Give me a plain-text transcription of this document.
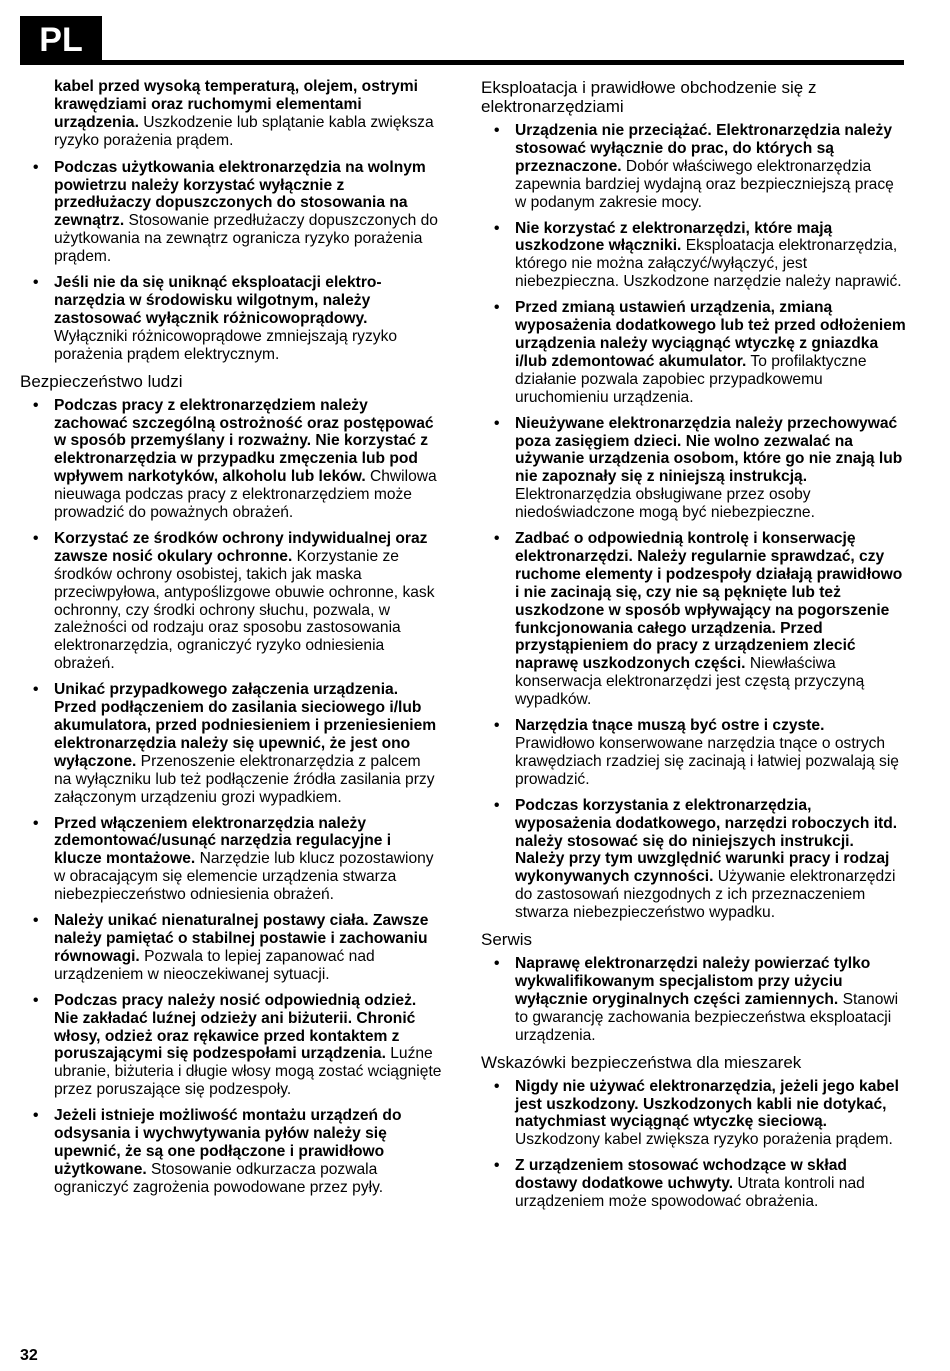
PL

kabel przed wysoką temperaturą, olejem, ostrymi krawędziami oraz ruchomymi elementami urządzenia. Uszkodzenie lub splątanie kabla zwiększa ryzyko porażenia prądem.

• Podczas użytkowania elektronarzędzia na wolnym powietrzu należy korzystać wyłącznie z przedłużaczy dopuszczonych do stosowania na zewnątrz. Stosowanie przedłużaczy dopuszczonych do użytkowania na zewnątrz ogranicza ryzyko porażenia prądem.
• Jeśli nie da się uniknąć eksploatacji elektronarzędzia w środowisku wilgotnym, należy zastosować wyłącznik różnicowoprądowy. Wyłączniki różnicowoprądowe zmniejszają ryzyko porażenia prądem elektrycznym.
Bezpieczeństwo ludzi
• Podczas pracy z elektronarzędziem należy zachować szczególną ostrożność oraz postępować w sposób przemyślany i rozważny. Nie korzystać z elektronarzędzia w przypadku zmęczenia lub pod wpływem narkotyków, alkoholu lub leków. Chwilowa nieuwaga podczas pracy z elektronarzędziem może prowadzić do poważnych obrażeń.
• Korzystać ze środków ochrony indywidualnej oraz zawsze nosić okulary ochronne. Korzystanie ze środków ochrony osobistej, takich jak maska przeciwpyłowa, antypoślizgowe obuwie ochronne, kask ochronny, czy środki ochrony słuchu, pozwala, w zależności od rodzaju oraz sposobu zastosowania elektronarzędzia, ograniczyć ryzyko odniesienia obrażeń.
• Unikać przypadkowego załączenia urządzenia. Przed podłączeniem do zasilania sieciowego i/lub akumulatora, przed podniesieniem i przeniesieniem elektronarzędzia należy się upewnić, że jest ono wyłączone. Przenoszenie elektronarzędzia z palcem na wyłączniku lub też podłączenie źródła zasilania przy załączonym urządzeniu grozi wypadkiem.
• Przed włączeniem elektronarzędzia należy zdemontować/usunąć narzędzia regulacyjne i klucze montażowe. Narzędzie lub klucz pozostawiony w obracającym się elemencie urządzenia stwarza niebezpieczeństwo odniesienia obrażeń.
• Należy unikać nienaturalnej postawy ciała. Zawsze należy pamiętać o stabilnej postawie i zachowaniu równowagi. Pozwala to lepiej zapanować nad urządzeniem w nieoczekiwanej sytuacji.
• Podczas pracy należy nosić odpowiednią odzież. Nie zakładać luźnej odzieży ani biżuterii. Chronić włosy, odzież oraz rękawice przed kontaktem z poruszającymi się podzespołami urządzenia. Luźne ubranie, biżuteria i długie włosy mogą zostać wciągnięte przez poruszające się podzespoły.
• Jeżeli istnieje możliwość montażu urządzeń do odsysania i wychwytywania pyłów należy się upewnić, że są one podłączone i prawidłowo użytkowane. Stosowanie odkurzacza pozwala ograniczyć zagrożenia powodowane przez pyły.
Eksploatacja i prawidłowe obchodzenie się z elektronarzędziami
• Urządzenia nie przeciążać. Elektronarzędzia należy stosować wyłącznie do prac, do których są przeznaczone. Dobór właściwego elektronarzędzia zapewnia bardziej wydajną oraz bezpieczniejszą pracę w podanym zakresie mocy.
• Nie korzystać z elektronarzędzi, które mają uszkodzone włączniki. Eksploatacja elektronarzędzia, którego nie można załączyć/wyłączyć, jest niebezpieczna. Uszkodzone narzędzie należy naprawić.
• Przed zmianą ustawień urządzenia, zmianą wyposażenia dodatkowego lub też przed odłożeniem urządzenia należy wyciągnąć wtyczkę z gniazdka i/lub zdemontować akumulator. To profilaktyczne działanie pozwala zapobiec przypadkowemu uruchomieniu urządzenia.
• Nieużywane elektronarzędzia należy przechowywać poza zasięgiem dzieci. Nie wolno zezwalać na używanie urządzenia osobom, które go nie znają lub nie zapoznały się z niniejszą instrukcją. Elektronarzędzia obsługiwane przez osoby niedoświadczone mogą być niebezpieczne.
• Zadbać o odpowiednią kontrolę i konserwację elektronarzędzi. Należy regularnie sprawdzać, czy ruchome elementy i podzespoły działają prawidłowo i nie zacinają się, czy nie są pęknięte lub też uszkodzone w sposób wpływający na pogorszenie funkcjonowania całego urządzenia. Przed przystąpieniem do pracy z urządzeniem zlecić naprawę uszkodzonych części. Niewłaściwa konserwacja elektronarzędzi jest częstą przyczyną wypadków.
• Narzędzia tnące muszą być ostre i czyste. Prawidłowo konserwowane narzędzia tnące o ostrych krawędziach rzadziej się zacinają i łatwiej pozwalają się prowadzić.
• Podczas korzystania z elektronarzędzia, wyposażenia dodatkowego, narzędzi roboczych itd. należy stosować się do niniejszych instrukcji. Należy przy tym uwzględnić warunki pracy i rodzaj wykonywanych czynności. Używanie elektronarzędzi do zastosowań niezgodnych z ich przeznaczeniem stwarza niebezpieczeństwo wypadku.
Serwis
• Naprawę elektronarzędzi należy powierzać tylko wykwalifikowanym specjalistom przy użyciu wyłącznie oryginalnych części zamiennych. Stanowi to gwarancję zachowania bezpieczeństwa eksploatacji urządzenia.
Wskazówki bezpieczeństwa dla mieszarek
• Nigdy nie używać elektronarzędzia, jeżeli jego kabel jest uszkodzony. Uszkodzonych kabli nie dotykać, natychmiast wyciągnąć wtyczkę sieciową. Uszkodzony kabel zwiększa ryzyko porażenia prądem.
• Z urządzeniem stosować wchodzące w skład dostawy dodatkowe uchwyty. Utrata kontroli nad urządzeniem może spowodować obrażenia.
32
